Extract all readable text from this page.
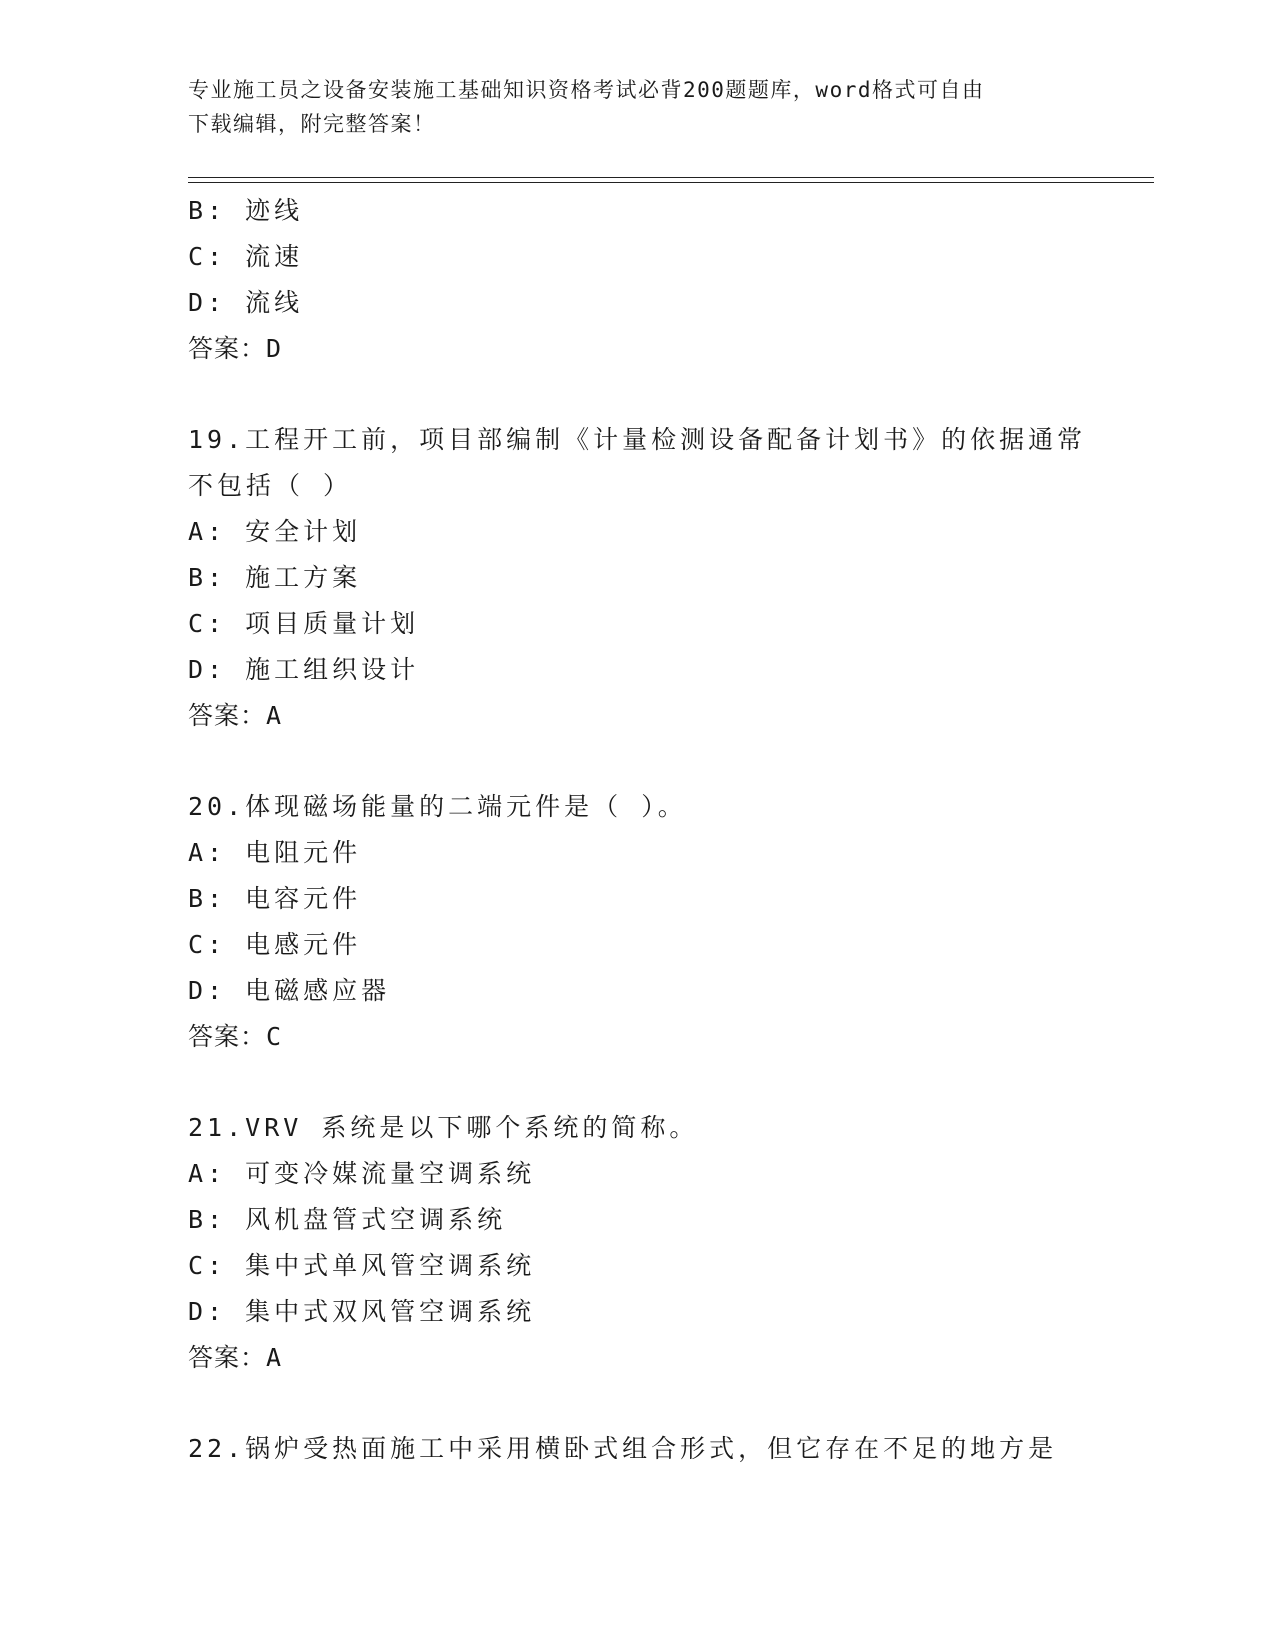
专业施工员之设备安装施工基础知识资格考试必背200题题库，word格式可自由
下载编辑，附完整答案！
B: 迹线
C: 流速
D: 流线
答案：D
19.工程开工前，项目部编制《计量检测设备配备计划书》的依据通常
不包括（ ）
A: 安全计划
B: 施工方案
C: 项目质量计划
D: 施工组织设计
答案：A
20.体现磁场能量的二端元件是（ ）。
A: 电阻元件
B: 电容元件
C: 电感元件
D: 电磁感应器
答案：C
21.VRV 系统是以下哪个系统的简称。
A: 可变冷媒流量空调系统
B: 风机盘管式空调系统
C: 集中式单风管空调系统
D: 集中式双风管空调系统
答案：A
22.锅炉受热面施工中采用横卧式组合形式，但它存在不足的地方是
